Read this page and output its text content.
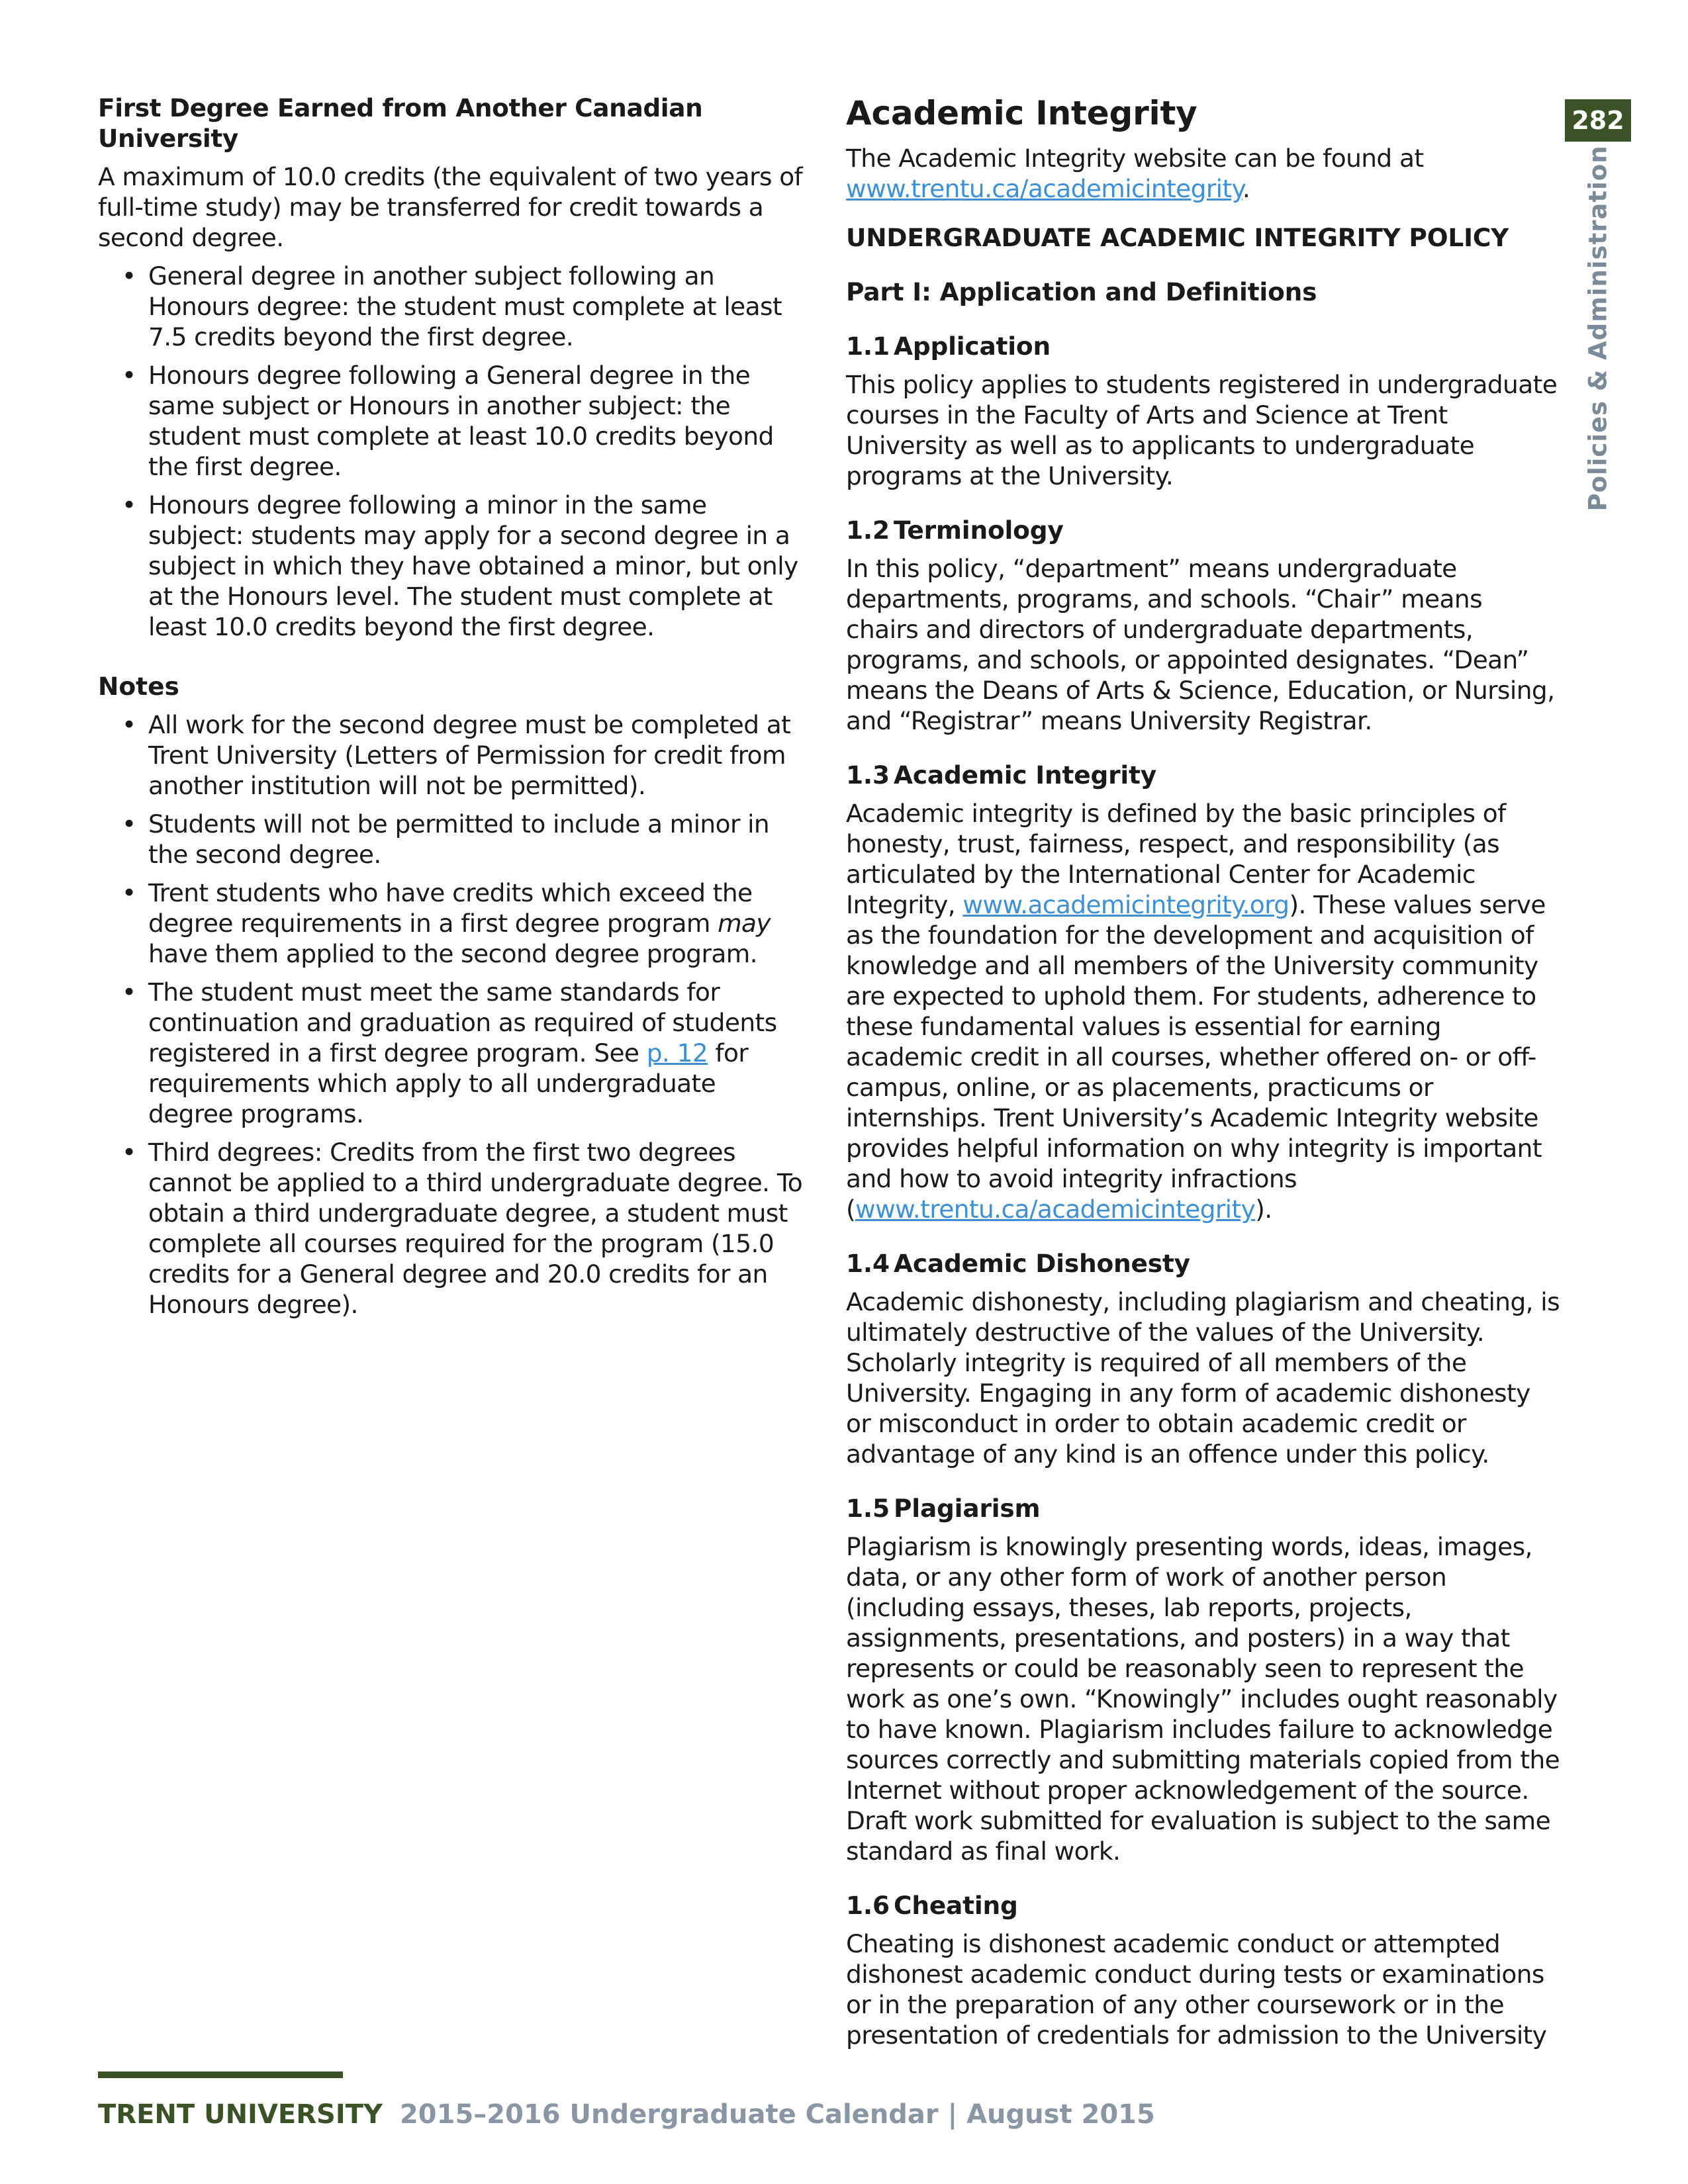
First Degree Earned from Another Canadian University

A maximum of 10.0 credits (the equivalent of two years of full-time study) may be transferred for credit towards a second degree.

• General degree in another subject following an Honours degree: the student must complete at least 7.5 credits beyond the first degree.
• Honours degree following a General degree in the same subject or Honours in another subject: the student must complete at least 10.0 credits beyond the first degree.
• Honours degree following a minor in the same subject: students may apply for a second degree in a subject in which they have obtained a minor, but only at the Honours level. The student must complete at least 10.0 credits beyond the first degree.

Notes

• All work for the second degree must be completed at Trent University (Letters of Permission for credit from another institution will not be permitted).
• Students will not be permitted to include a minor in the second degree.
• Trent students who have credits which exceed the degree requirements in a first degree program may have them applied to the second degree program.
• The student must meet the same standards for continuation and graduation as required of students registered in a first degree program. See p. 12 for requirements which apply to all undergraduate degree programs.
• Third degrees: Credits from the first two degrees cannot be applied to a third undergraduate degree. To obtain a third undergraduate degree, a student must complete all courses required for the program (15.0 credits for a General degree and 20.0 credits for an Honours degree).
Academic Integrity

The Academic Integrity website can be found at www.trentu.ca/academicintegrity.

UNDERGRADUATE ACADEMIC INTEGRITY POLICY

Part I: Application and Definitions

1.1 Application

This policy applies to students registered in undergraduate courses in the Faculty of Arts and Science at Trent University as well as to applicants to undergraduate programs at the University.

1.2 Terminology

In this policy, “department” means undergraduate departments, programs, and schools. “Chair” means chairs and directors of undergraduate departments, programs, and schools, or appointed designates. “Dean” means the Deans of Arts & Science, Education, or Nursing, and “Registrar” means University Registrar.

1.3 Academic Integrity

Academic integrity is defined by the basic principles of honesty, trust, fairness, respect, and responsibility (as articulated by the International Center for Academic Integrity, www.academicintegrity.org). These values serve as the foundation for the development and acquisition of knowledge and all members of the University community are expected to uphold them. For students, adherence to these fundamental values is essential for earning academic credit in all courses, whether offered on- or off-campus, online, or as placements, practicums or internships. Trent University’s Academic Integrity website provides helpful information on why integrity is important and how to avoid integrity infractions (www.trentu.ca/academicintegrity).

1.4 Academic Dishonesty

Academic dishonesty, including plagiarism and cheating, is ultimately destructive of the values of the University. Scholarly integrity is required of all members of the University. Engaging in any form of academic dishonesty or misconduct in order to obtain academic credit or advantage of any kind is an offence under this policy.

1.5 Plagiarism

Plagiarism is knowingly presenting words, ideas, images, data, or any other form of work of another person (including essays, theses, lab reports, projects, assignments, presentations, and posters) in a way that represents or could be reasonably seen to represent the work as one’s own. “Knowingly” includes ought reasonably to have known. Plagiarism includes failure to acknowledge sources correctly and submitting materials copied from the Internet without proper acknowledgement of the source. Draft work submitted for evaluation is subject to the same standard as final work.

1.6 Cheating

Cheating is dishonest academic conduct or attempted dishonest academic conduct during tests or examinations or in the preparation of any other coursework or in the presentation of credentials for admission to the University

282
Policies & Administration
TRENT UNIVERSITY 2015–2016 Undergraduate Calendar | August 2015
